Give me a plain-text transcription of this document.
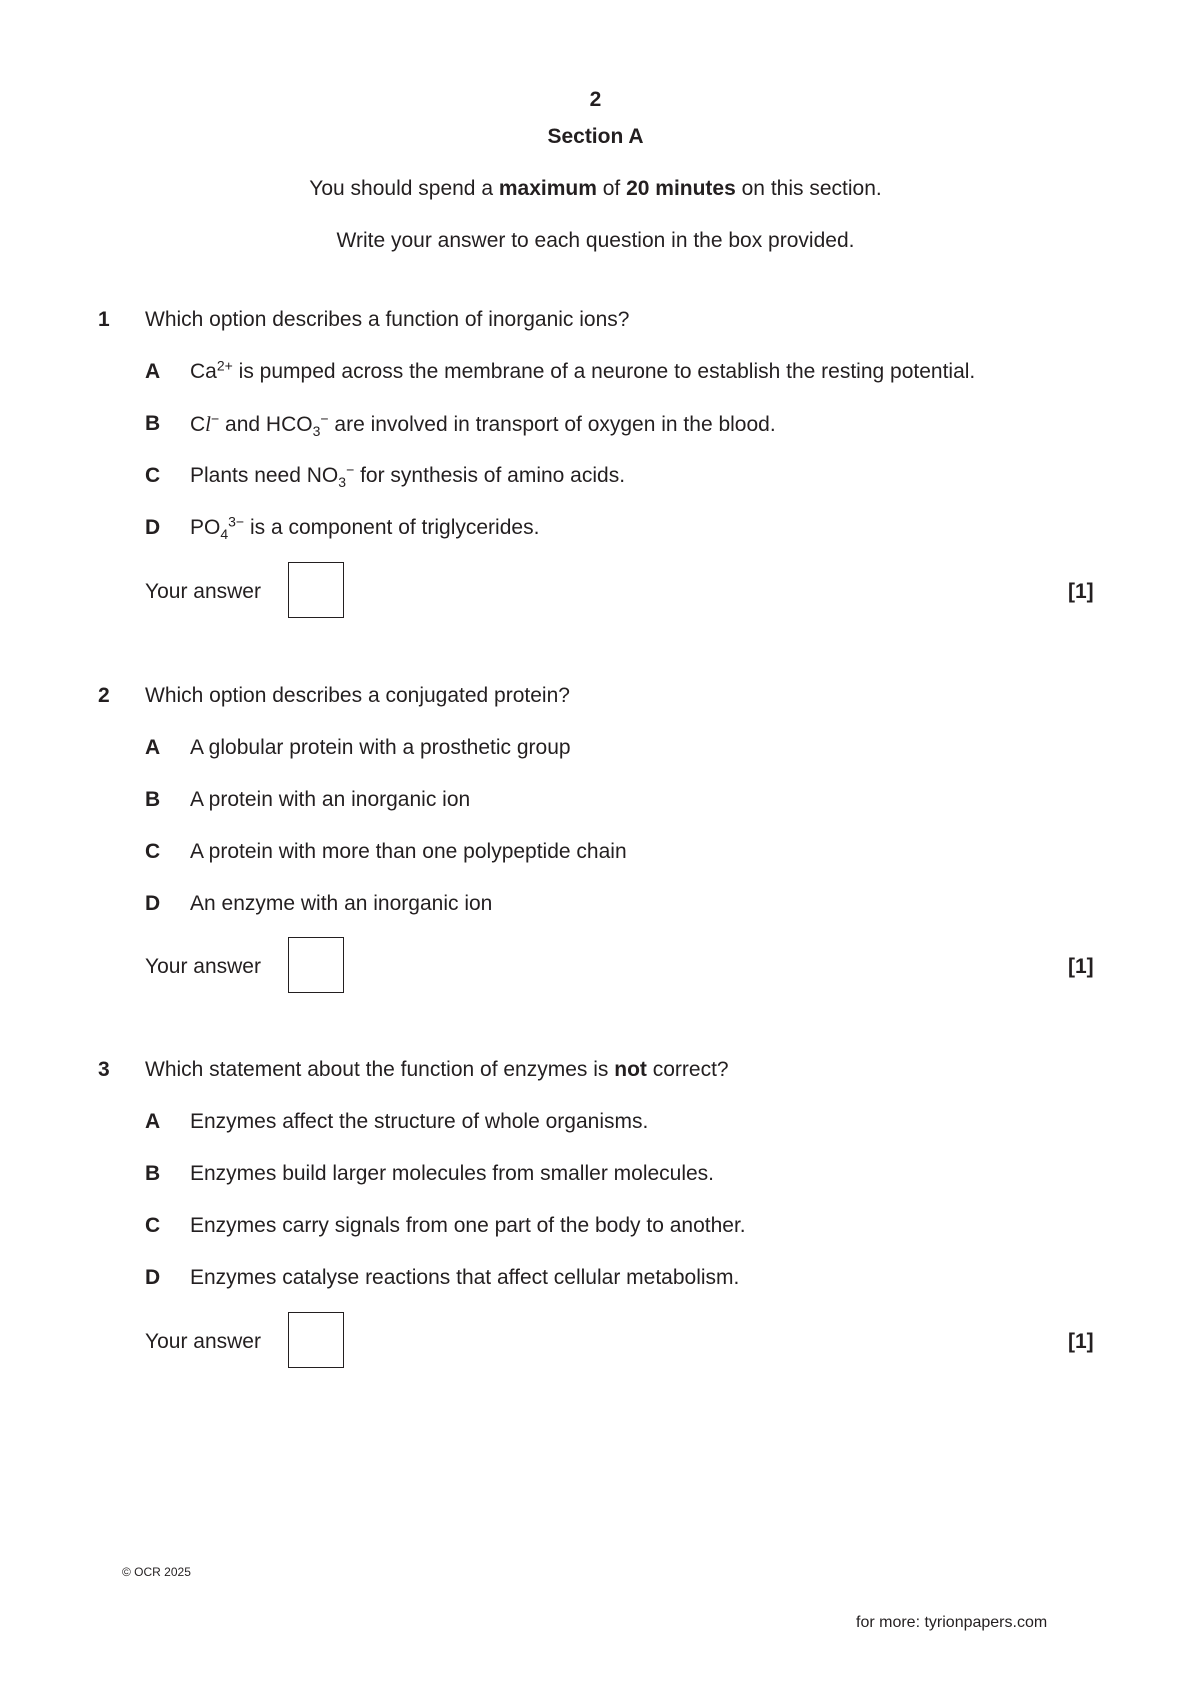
2
Section A
You should spend a maximum of 20 minutes on this section.
Write your answer to each question in the box provided.
1 Which option describes a function of inorganic ions?
A $Ca^{2+}$ is pumped across the membrane of a neurone to establish the resting potential.
B Cl− and $HCO_3^-$ are involved in transport of oxygen in the blood.
C Plants need $NO_3^-$ for synthesis of amino acids.
D $PO_4^{3-}$ is a component of triglycerides.
Your answer	[1]
2 Which option describes a conjugated protein?
A A globular protein with a prosthetic group
B A protein with an inorganic ion
C A protein with more than one polypeptide chain
D An enzyme with an inorganic ion
Your answer	[1]
3 Which statement about the function of enzymes is not correct?
A Enzymes affect the structure of whole organisms.
B Enzymes build larger molecules from smaller molecules.
C Enzymes carry signals from one part of the body to another.
D Enzymes catalyse reactions that affect cellular metabolism.
Your answer	[1]
© OCR 2025
for more: tyrionpapers.com
